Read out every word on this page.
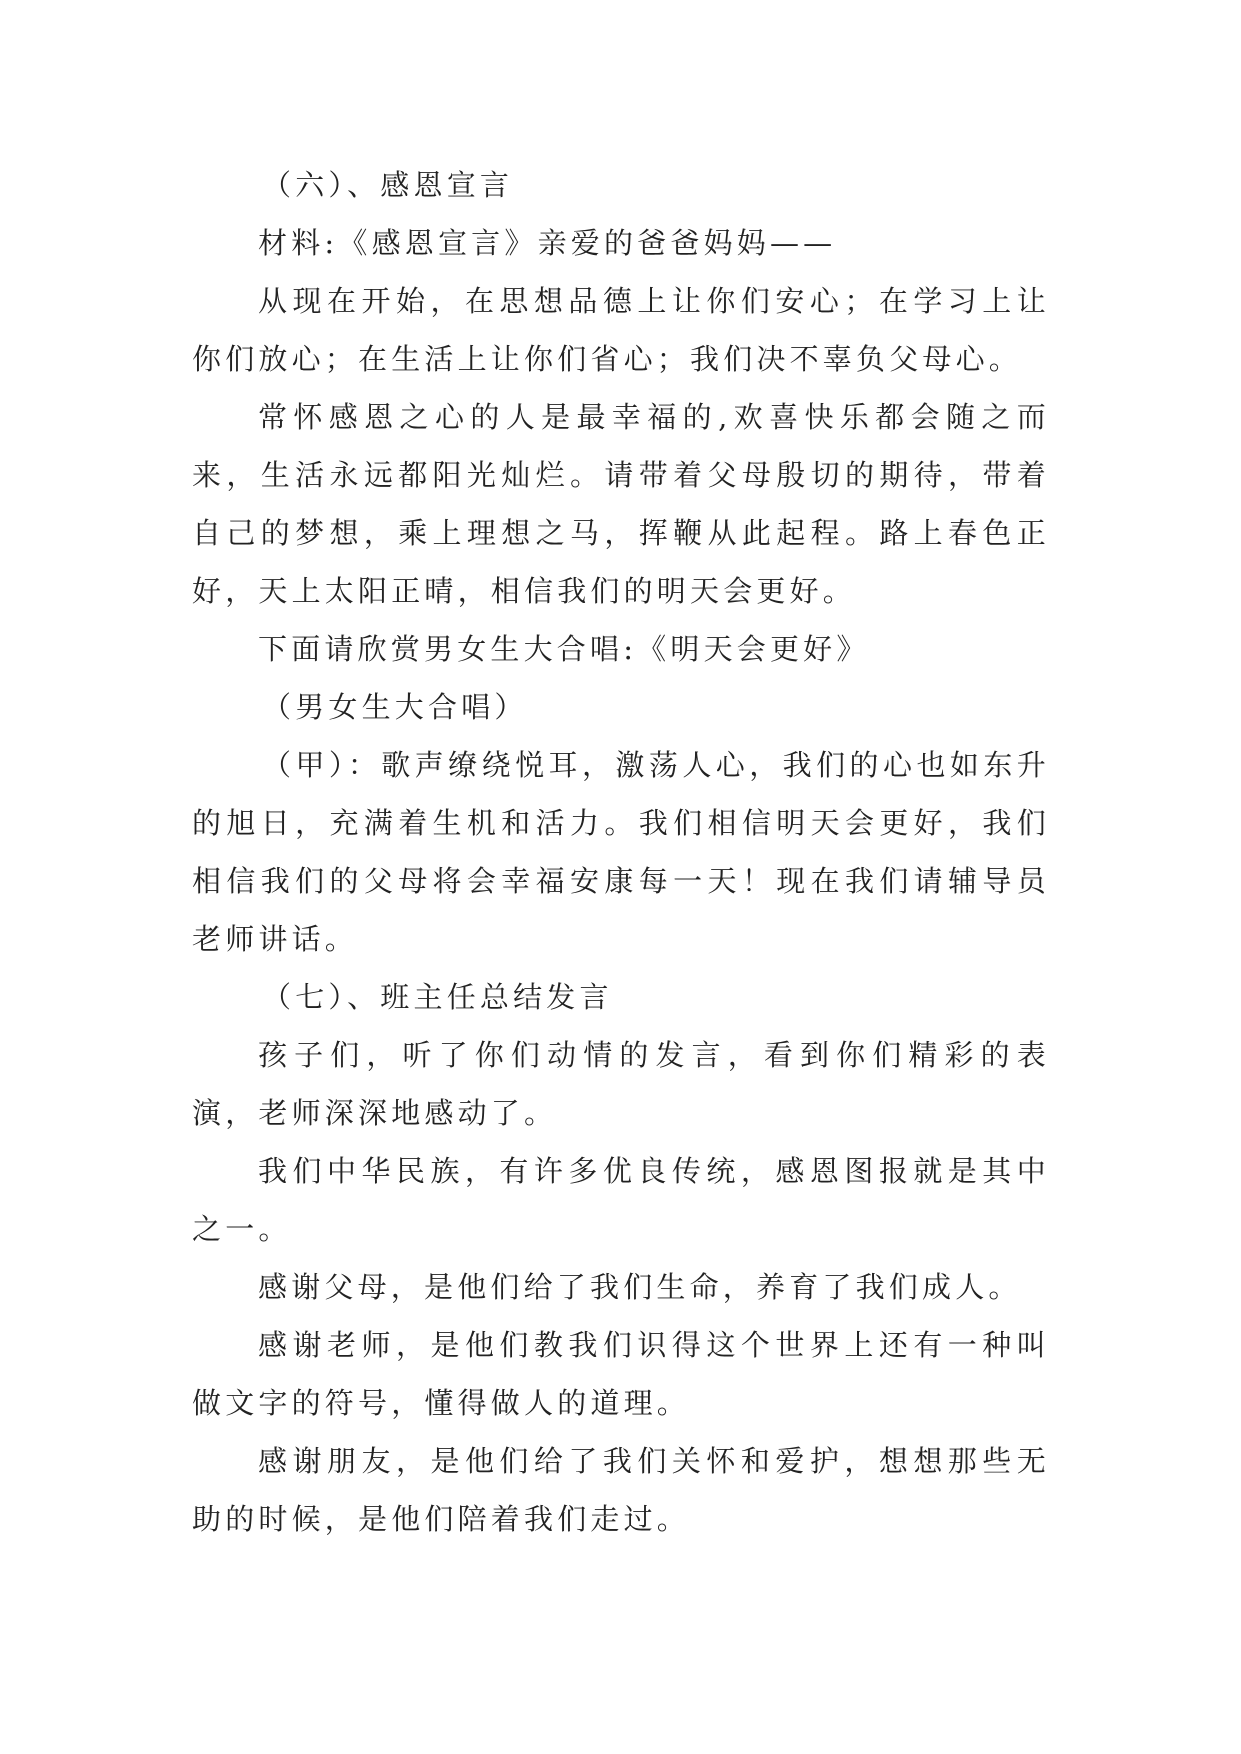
（六）、感恩宣言

材料:《感恩宣言》亲爱的爸爸妈妈——

从现在开始，在思想品德上让你们安心；在学习上让你们放心；在生活上让你们省心；我们决不辜负父母心。

常怀感恩之心的人是最幸福的,欢喜快乐都会随之而来，生活永远都阳光灿烂。请带着父母殷切的期待，带着自己的梦想，乘上理想之马，挥鞭从此起程。路上春色正好，天上太阳正晴，相信我们的明天会更好。

下面请欣赏男女生大合唱:《明天会更好》

（男女生大合唱）

（甲）：歌声缭绕悦耳，激荡人心，我们的心也如东升的旭日，充满着生机和活力。我们相信明天会更好，我们相信我们的父母将会幸福安康每一天！现在我们请辅导员老师讲话。

（七）、班主任总结发言

孩子们，听了你们动情的发言，看到你们精彩的表演，老师深深地感动了。

我们中华民族，有许多优良传统，感恩图报就是其中之一。

感谢父母，是他们给了我们生命，养育了我们成人。

感谢老师，是他们教我们识得这个世界上还有一种叫做文字的符号，懂得做人的道理。

感谢朋友，是他们给了我们关怀和爱护，想想那些无助的时候，是他们陪着我们走过。
